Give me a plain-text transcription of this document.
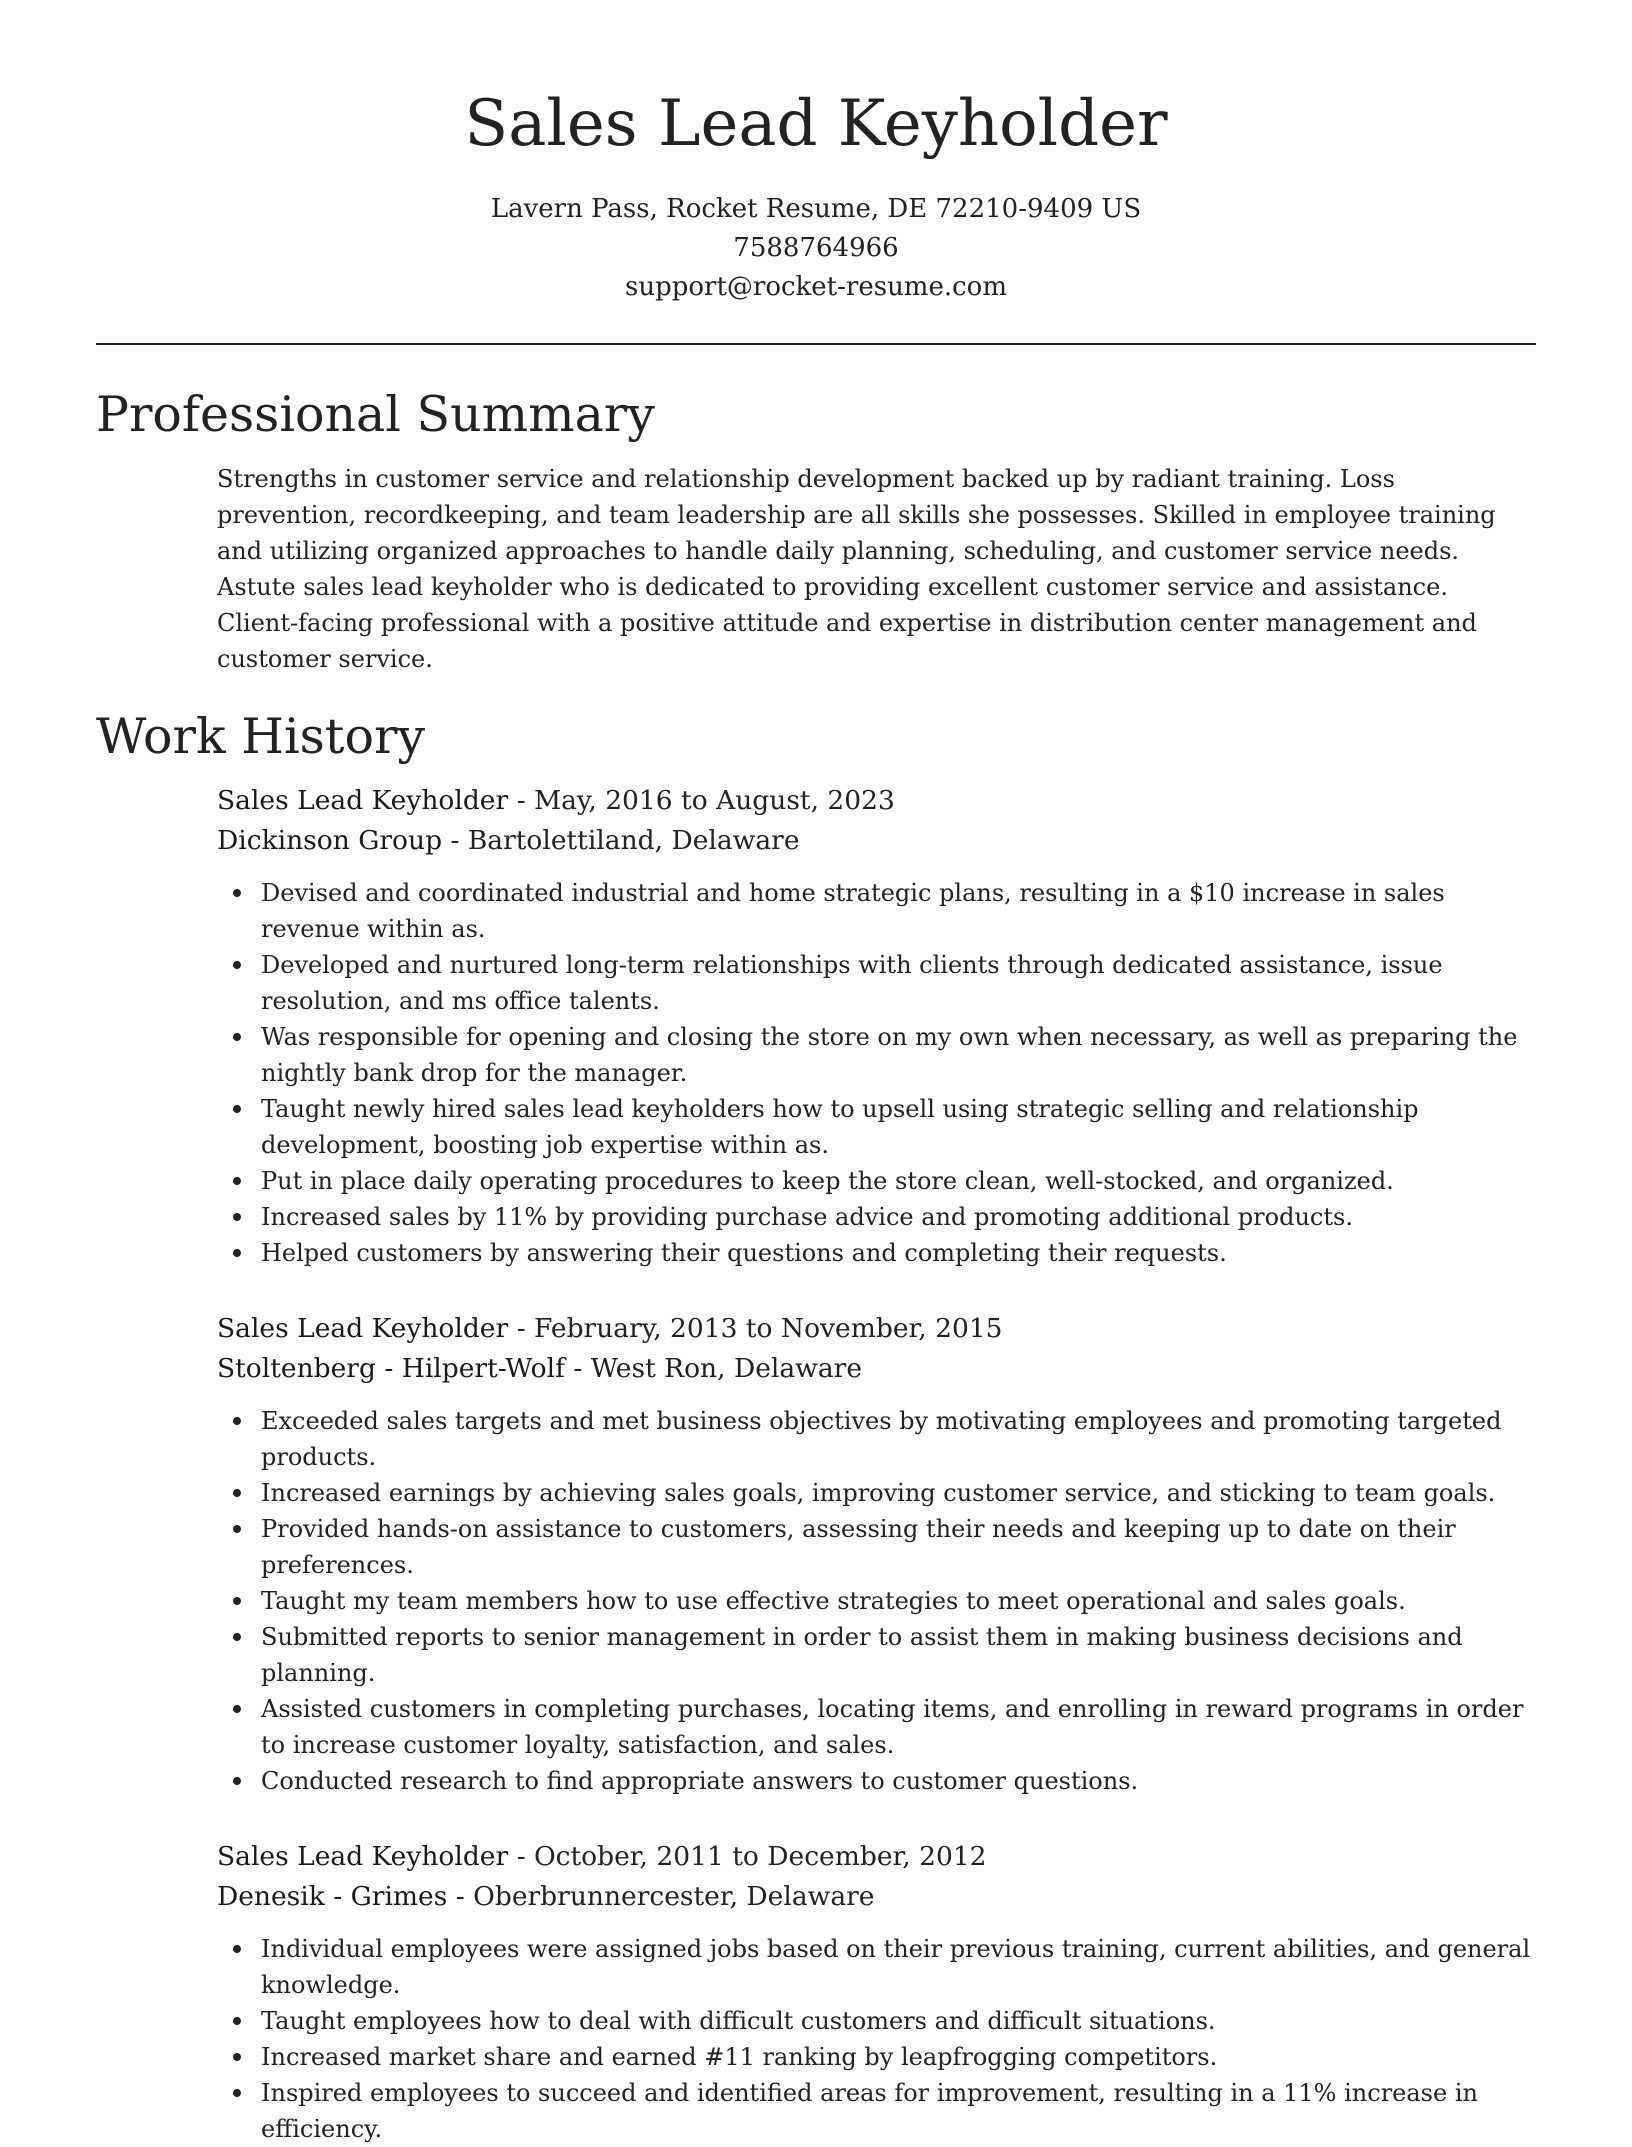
Sales Lead Keyholder
Lavern Pass, Rocket Resume, DE 72210-9409 US
7588764966
support@rocket-resume.com
Professional Summary

Strengths in customer service and relationship development backed up by radiant training. Loss prevention, recordkeeping, and team leadership are all skills she possesses. Skilled in employee training and utilizing organized approaches to handle daily planning, scheduling, and customer service needs. Astute sales lead keyholder who is dedicated to providing excellent customer service and assistance. Client-facing professional with a positive attitude and expertise in distribution center management and customer service.

Work History
Sales Lead Keyholder - May, 2016 to August, 2023
Dickinson Group - Bartolettiland, Delaware
Devised and coordinated industrial and home strategic plans, resulting in a $10 increase in sales revenue within as.
Developed and nurtured long-term relationships with clients through dedicated assistance, issue resolution, and ms office talents.
Was responsible for opening and closing the store on my own when necessary, as well as preparing the nightly bank drop for the manager.
Taught newly hired sales lead keyholders how to upsell using strategic selling and relationship development, boosting job expertise within as.
Put in place daily operating procedures to keep the store clean, well-stocked, and organized.
Increased sales by 11% by providing purchase advice and promoting additional products.
Helped customers by answering their questions and completing their requests.
Sales Lead Keyholder - February, 2013 to November, 2015
Stoltenberg - Hilpert-Wolf - West Ron, Delaware
Exceeded sales targets and met business objectives by motivating employees and promoting targeted products.
Increased earnings by achieving sales goals, improving customer service, and sticking to team goals.
Provided hands-on assistance to customers, assessing their needs and keeping up to date on their preferences.
Taught my team members how to use effective strategies to meet operational and sales goals.
Submitted reports to senior management in order to assist them in making business decisions and planning.
Assisted customers in completing purchases, locating items, and enrolling in reward programs in order to increase customer loyalty, satisfaction, and sales.
Conducted research to find appropriate answers to customer questions.
Sales Lead Keyholder - October, 2011 to December, 2012
Denesik - Grimes - Oberbrunnercester, Delaware
Individual employees were assigned jobs based on their previous training, current abilities, and general knowledge.
Taught employees how to deal with difficult customers and difficult situations.
Increased market share and earned #11 ranking by leapfrogging competitors.
Inspired employees to succeed and identified areas for improvement, resulting in a 11% increase in efficiency.
